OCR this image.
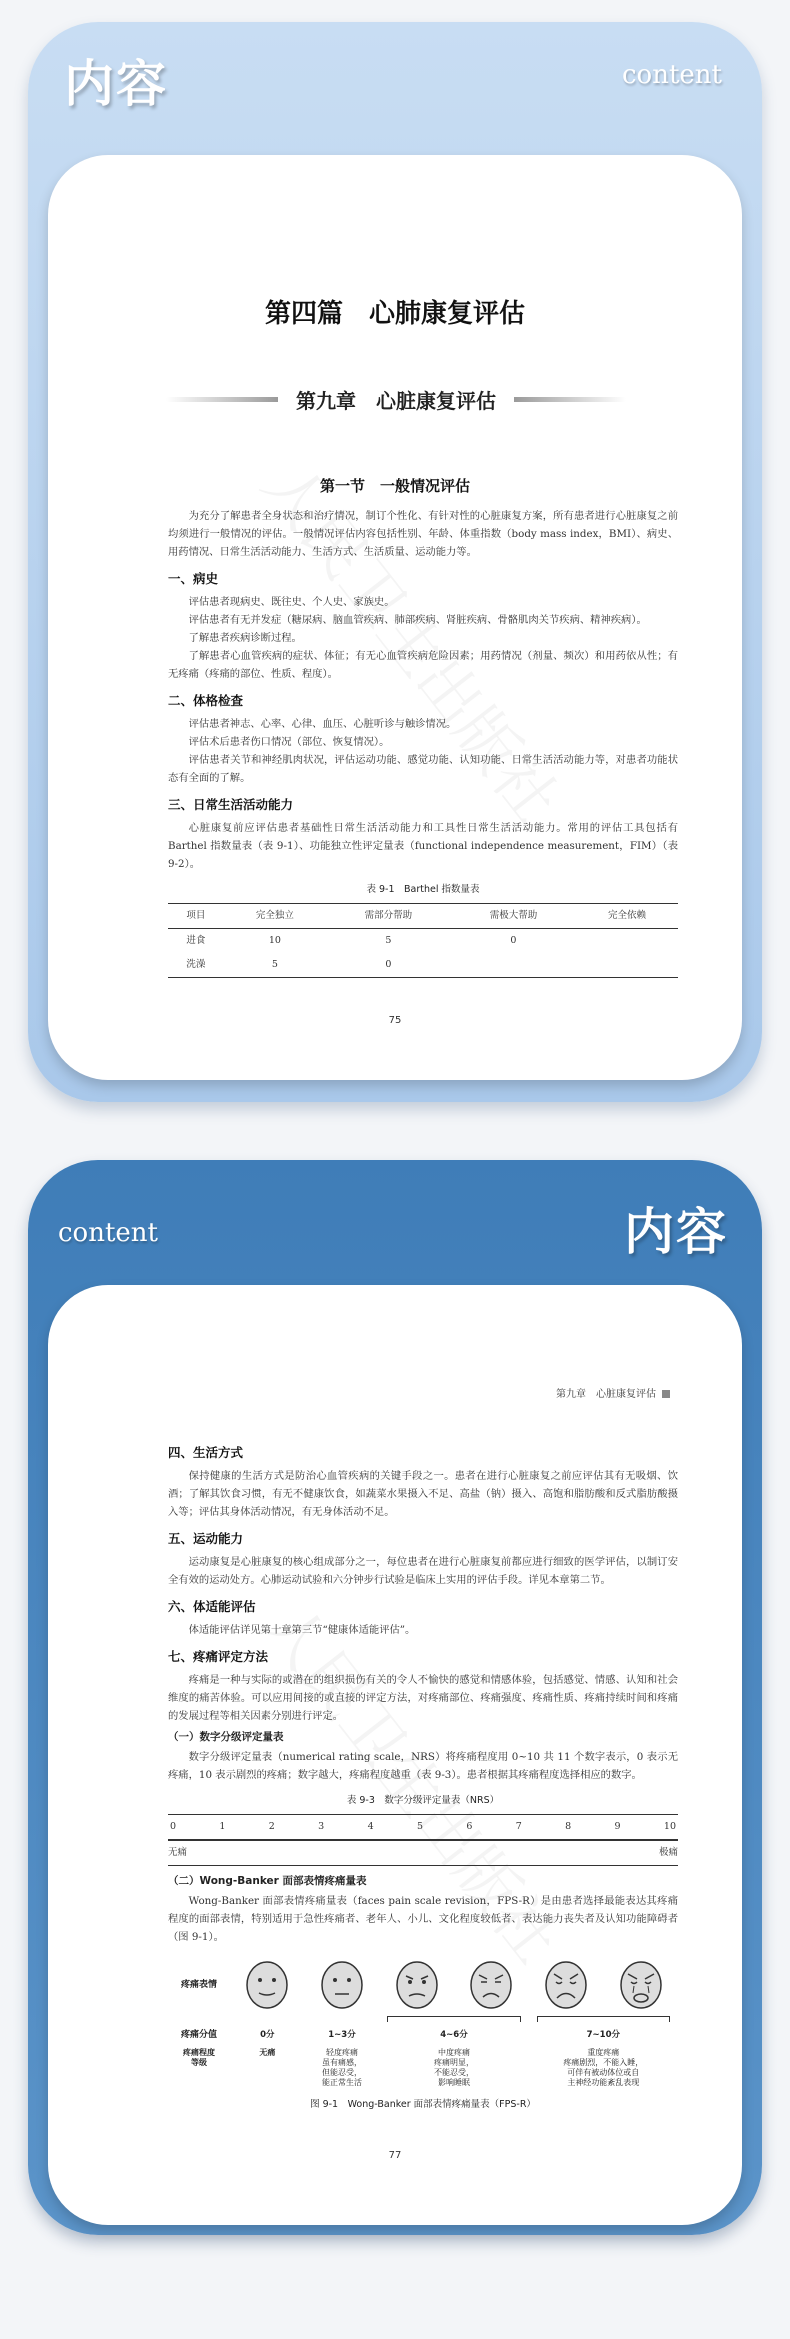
内容	content
第四篇　心肺康复评估
第九章　心脏康复评估
第一节　一般情况评估

为充分了解患者全身状态和治疗情况，制订个性化、有针对性的心脏康复方案，所有患者进行心脏康复之前均须进行一般情况的评估。一般情况评估内容包括性别、年龄、体重指数（body mass index，BMI）、病史、用药情况、日常生活活动能力、生活方式、生活质量、运动能力等。

一、病史

评估患者现病史、既往史、个人史、家族史。

评估患者有无并发症（糖尿病、脑血管疾病、肺部疾病、肾脏疾病、骨骼肌肉关节疾病、精神疾病）。

了解患者疾病诊断过程。

了解患者心血管疾病的症状、体征；有无心血管疾病危险因素；用药情况（剂量、频次）和用药依从性；有无疼痛（疼痛的部位、性质、程度）。

二、体格检查

评估患者神志、心率、心律、血压、心脏听诊与触诊情况。

评估术后患者伤口情况（部位、恢复情况）。

评估患者关节和神经肌肉状况，评估运动功能、感觉功能、认知功能、日常生活活动能力等，对患者功能状态有全面的了解。

三、日常生活活动能力

心脏康复前应评估患者基础性日常生活活动能力和工具性日常生活活动能力。常用的评估工具包括有 Barthel 指数量表（表 9-1）、功能独立性评定量表（functional independence measurement，FIM）（表 9-2）。

表 9-1　Barthel 指数量表
项目	完全独立	需部分帮助	需极大帮助	完全依赖
进食	10	5	0	
洗澡	5	0		
75
content	内容
第九章　心脏康复评估
四、生活方式

保持健康的生活方式是防治心血管疾病的关键手段之一。患者在进行心脏康复之前应评估其有无吸烟、饮酒；了解其饮食习惯，有无不健康饮食，如蔬菜水果摄入不足、高盐（钠）摄入、高饱和脂肪酸和反式脂肪酸摄入等；评估其身体活动情况，有无身体活动不足。

五、运动能力

运动康复是心脏康复的核心组成部分之一，每位患者在进行心脏康复前都应进行细致的医学评估，以制订安全有效的运动处方。心肺运动试验和六分钟步行试验是临床上实用的评估手段。详见本章第二节。

六、体适能评估

体适能评估详见第十章第三节“健康体适能评估”。

七、疼痛评定方法

疼痛是一种与实际的或潜在的组织损伤有关的令人不愉快的感觉和情感体验，包括感觉、情感、认知和社会维度的痛苦体验。可以应用间接的或直接的评定方法，对疼痛部位、疼痛强度、疼痛性质、疼痛持续时间和疼痛的发展过程等相关因素分别进行评定。

（一）数字分级评定量表

数字分级评定量表（numerical rating scale，NRS）将疼痛程度用 0~10 共 11 个数字表示，0 表示无疼痛，10 表示剧烈的疼痛；数字越大，疼痛程度越重（表 9-3）。患者根据其疼痛程度选择相应的数字。

表 9-3　数字分级评定量表（NRS）
0	1	2	3	4	5	6	7	8	9	10
无痛	极痛
（二）Wong-Banker 面部表情疼痛量表

Wong-Banker 面部表情疼痛量表（faces pain scale revision，FPS-R）是由患者选择最能表达其疼痛程度的面部表情，特别适用于急性疼痛者、老年人、小儿、文化程度较低者、表达能力丧失者及认知功能障碍者（图 9-1）。

疼痛表情
疼痛分值	0分	1~3分	4~6分	7~10分
疼痛程度
等级
无痛	轻度疼痛
虽有痛感，
但能忍受，
能正常生活
中度疼痛
疼痛明显，
不能忍受，
影响睡眠
重度疼痛
疼痛剧烈，不能入睡，
可伴有被动体位或自
主神经功能紊乱表现
图 9-1　Wong-Banker 面部表情疼痛量表（FPS-R）
77
